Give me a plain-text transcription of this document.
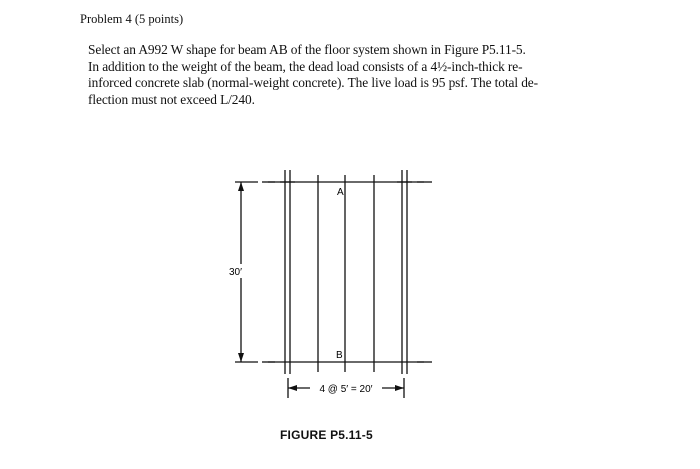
Problem 4 (5 points)

Select an A992 W shape for beam AB of the floor system shown in Figure P5.11-5.

In addition to the weight of the beam, the dead load consists of a 4½-inch-thick re-

inforced concrete slab (normal-weight concrete). The live load is 95 psf. The total de-

flection must not exceed L/240.

A
B
30′
4 @ 5′ = 20′
FIGURE P5.11-5
